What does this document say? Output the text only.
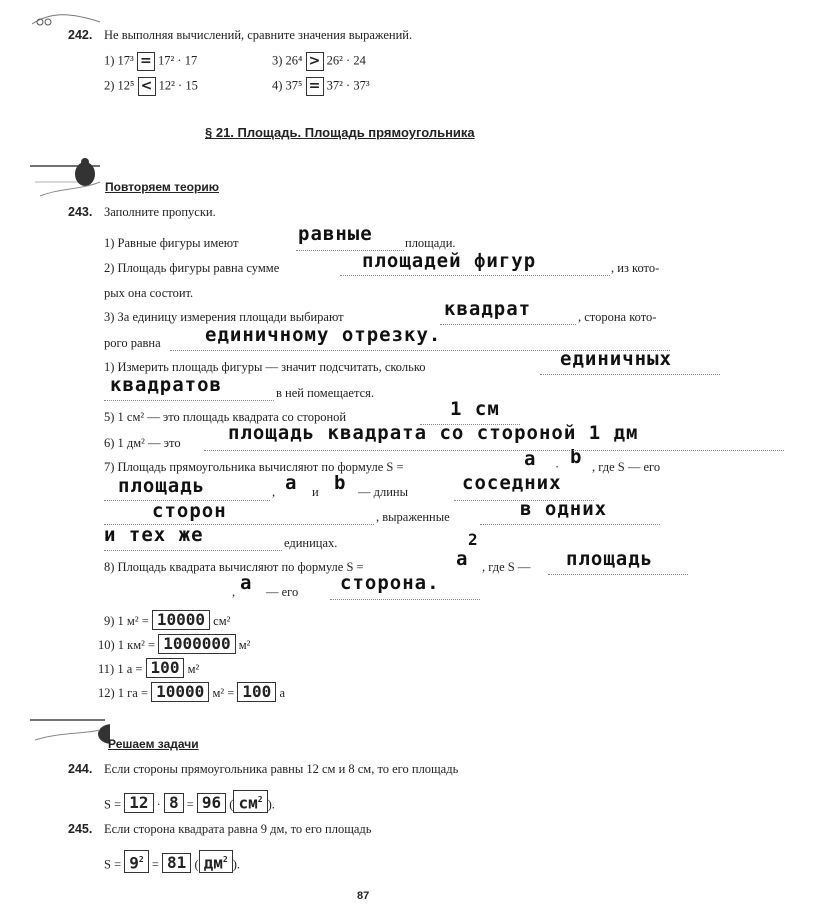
242. Не выполняя вычислений, сравните значения выражений.
1) 17³ = 17² · 17	3) 26⁴ > 26² · 24
2) 12⁵ < 12² · 15	4) 37⁵ = 37² · 37³
§ 21. Площадь. Площадь прямоугольника
Повторяем теорию
243. Заполните пропуски.
1) Равные фигуры имеют	равные	площади.
2) Площадь фигуры равна сумме	площадей фигур	, из кото-
рых она состоит.
3) За единицу измерения площади выбирают	квадрат	, сторона кото-
рого равна единичному отрезку.
1) Измерить площадь фигуры — значит подсчитать, сколько	единичных
квадратов	в ней помещается.
5) 1 см² — это площадь квадрата со стороной	1 см
6) 1 дм² — это площадь квадрата со стороной 1 дм
7) Площадь прямоугольника вычисляют по формуле S =	a · b , где S — его
площадь	, a и b — длины	соседних
сторон	, выраженные	в одних
и тех же	единицах.
8) Площадь квадрата вычисляют по формуле S =	a
2
, где S — площадь
, a — его сторона.
9) 1 м² = 10000 см²
10) 1 км² = 1000000 м²
11) 1 а = 100 м²
12) 1 га = 10000 м² = 100 а
Решаем задачи
244. Если стороны прямоугольника равны 12 см и 8 см, то его площадь
S = 12 · 8 = 96 ( $см^2$ ).
245. Если сторона квадрата равна 9 дм, то его площадь
$S = 9^2 = 81$ ( $дм^2$ ).
87
